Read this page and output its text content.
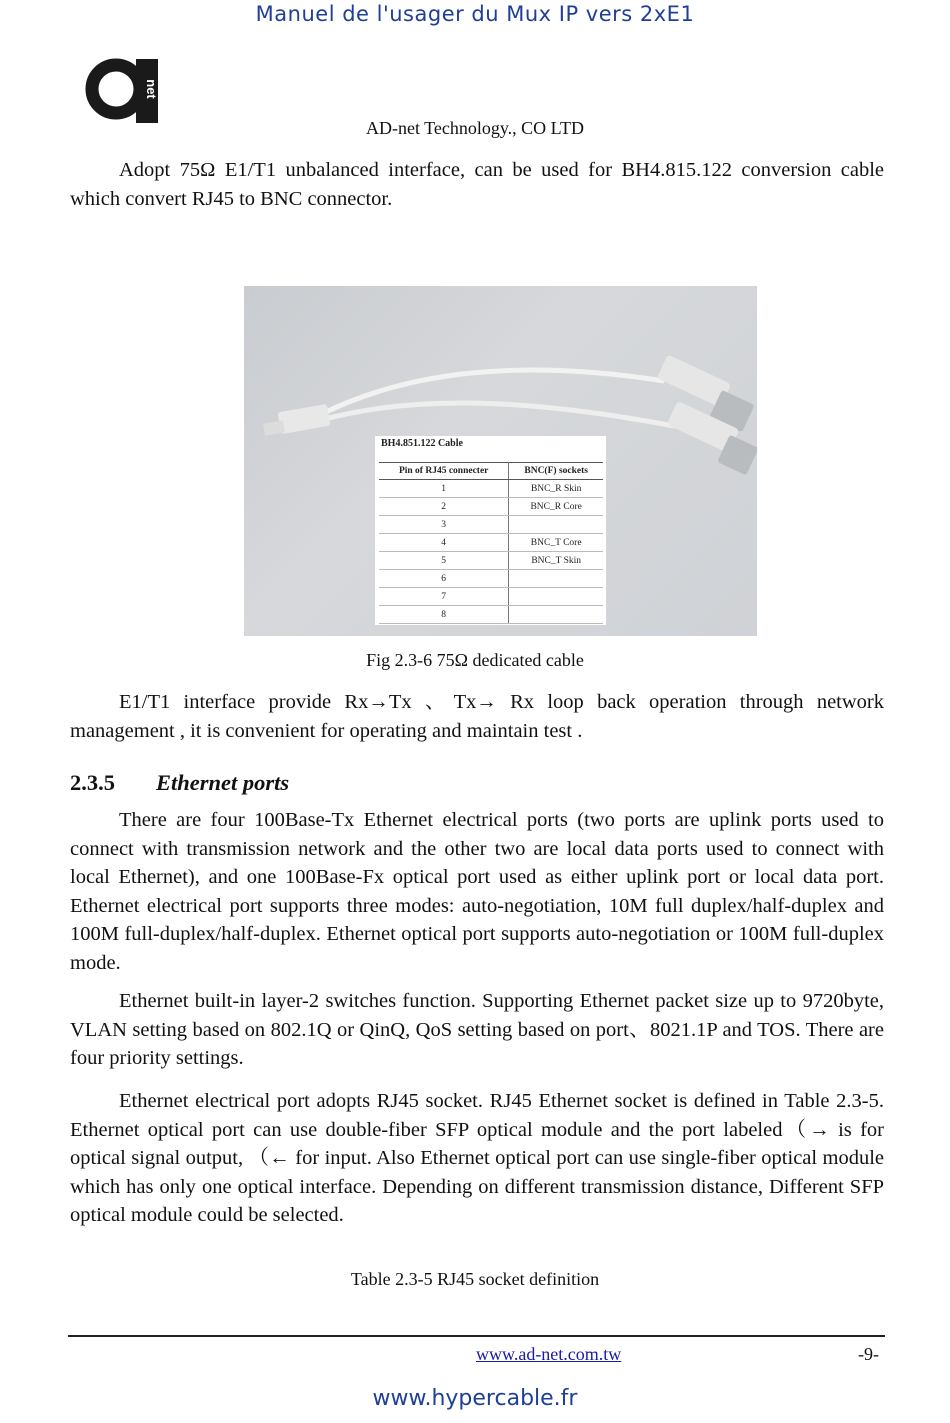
Manuel de l'usager du Mux IP vers 2xE1
net
AD-net Technology., CO LTD
Adopt 75Ω E1/T1 unbalanced interface, can be used for BH4.815.122 conversion cable which convert RJ45 to BNC connector.
BH4.851.122 Cable
Pin of RJ45 connecter	BNC(F) sockets
1	BNC_R Skin
2	BNC_R Core
3	
4	BNC_T Core
5	BNC_T Skin
6	
7	
8	
Fig 2.3-6 75Ω dedicated cable
E1/T1 interface provide Rx→Tx 、Tx→ Rx loop back operation through network management , it is convenient for operating and maintain test .
2.3.5 Ethernet ports
There are four 100Base-Tx Ethernet electrical ports (two ports are uplink ports used to connect with transmission network and the other two are local data ports used to connect with local Ethernet), and one 100Base-Fx optical port used as either uplink port or local data port. Ethernet electrical port supports three modes: auto-negotiation, 10M full duplex/half-duplex and 100M full-duplex/half-duplex. Ethernet optical port supports auto-negotiation or 100M full-duplex mode.
Ethernet built-in layer-2 switches function. Supporting Ethernet packet size up to 9720byte, VLAN setting based on 802.1Q or QinQ, QoS setting based on port、8021.1P and TOS. There are four priority settings.
Ethernet electrical port adopts RJ45 socket. RJ45 Ethernet socket is defined in Table 2.3-5. Ethernet optical port can use double-fiber SFP optical module and the port labeled（→ is for optical signal output, （← for input. Also Ethernet optical port can use single-fiber optical module which has only one optical interface. Depending on different transmission distance, Different SFP optical module could be selected.
Table 2.3-5 RJ45 socket definition
www.ad-net.com.tw	-9-
www.hypercable.fr
